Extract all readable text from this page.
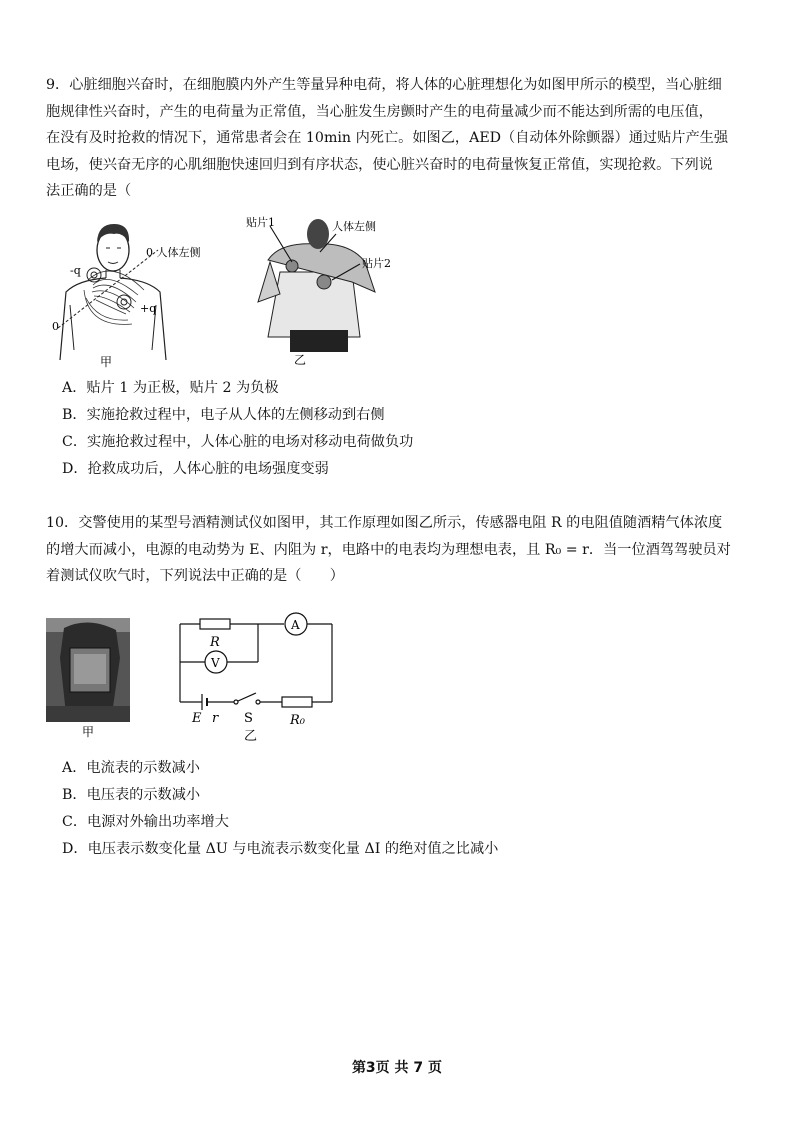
9．心脏细胞兴奋时，在细胞膜内外产生等量异种电荷，将人体的心脏理想化为如图甲所示的模型，当心脏细
胞规律性兴奋时，产生的电荷量为正常值，当心脏发生房颤时产生的电荷量减少而不能达到所需的电压值，
在没有及时抢救的情况下，通常患者会在 10min 内死亡。如图乙，AED（自动体外除颤器）通过贴片产生强
电场，使兴奋无序的心肌细胞快速回归到有序状态，使心脏兴奋时的电荷量恢复正常值，实现抢救。下列说
法正确的是（
0 人体左侧
-q
+q
0
甲
贴片1	人体左侧
贴片2
乙

A．贴片 1 为正极，贴片 2 为负极

B．实施抢救过程中，电子从人体的左侧移动到右侧

C．实施抢救过程中，人体心脏的电场对移动电荷做负功

D．抢救成功后，人体心脏的电场强度变弱

10．交警使用的某型号酒精测试仪如图甲，其工作原理如图乙所示，传感器电阻 R 的电阻值随酒精气体浓度
的增大而减小，电源的电动势为 E、内阻为 r，电路中的电表均为理想电表，且 R₀ = r．当一位酒驾驾驶员对
着测试仪吹气时，下列说法中正确的是（　　）
甲
R
A
V
E r S	R₀
乙

A．电流表的示数减小

B．电压表的示数减小

C．电源对外输出功率增大

D．电压表示数变化量 ΔU 与电流表示数变化量 ΔI 的绝对值之比减小

第3页 共 7 页
